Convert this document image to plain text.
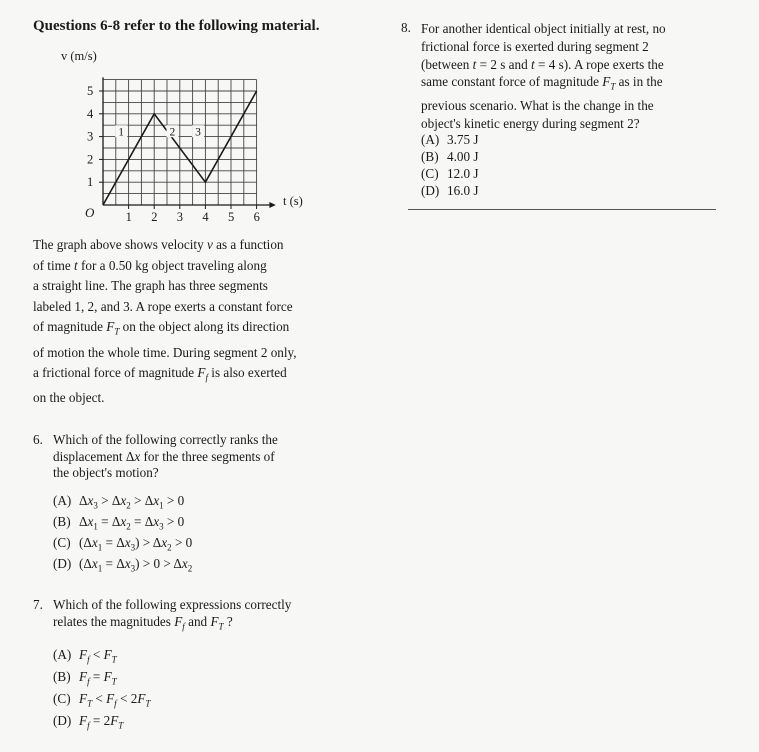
Questions 6-8 refer to the following material.
1
2
3
4
5
1 2 3 4 5 6
1	2 3
v (m/s)
t (s)
O
The graph above shows velocity v as a function
of time t for a 0.50 kg object traveling along
a straight line. The graph has three segments
labeled 1, 2, and 3. A rope exerts a constant force
of magnitude $F_T$ on the object along its direction
of motion the whole time. During segment 2 only,
a frictional force of magnitude $F_f$ is also exerted
on the object.
6. Which of the following correctly ranks the
displacement Δx for the three segments of
the object's motion?
(A) $\Delta x_3 > \Delta x_2 > \Delta x_1 > 0$
(B) $\Delta x_1 = \Delta x_2 = \Delta x_3 > 0$
(C) $(\Delta x_1 = \Delta x_3) > \Delta x_2 > 0$
(D) $(\Delta x_1 = \Delta x_3) > 0 > \Delta x_2$
7. Which of the following expressions correctly
relates the magnitudes $F_f$ and $F_T$ ?
(A) $F_f < F_T$
(B) $F_f = F_T$
(C) $F_T < F_f < 2F_T$
(D) $F_f = 2F_T$
8. For another identical object initially at rest, no
frictional force is exerted during segment 2
(between t = 2 s and t = 4 s). A rope exerts the
same constant force of magnitude $F_T$ as in the
previous scenario. What is the change in the
object's kinetic energy during segment 2?
(A) 3.75 J
(B) 4.00 J
(C) 12.0 J
(D) 16.0 J
